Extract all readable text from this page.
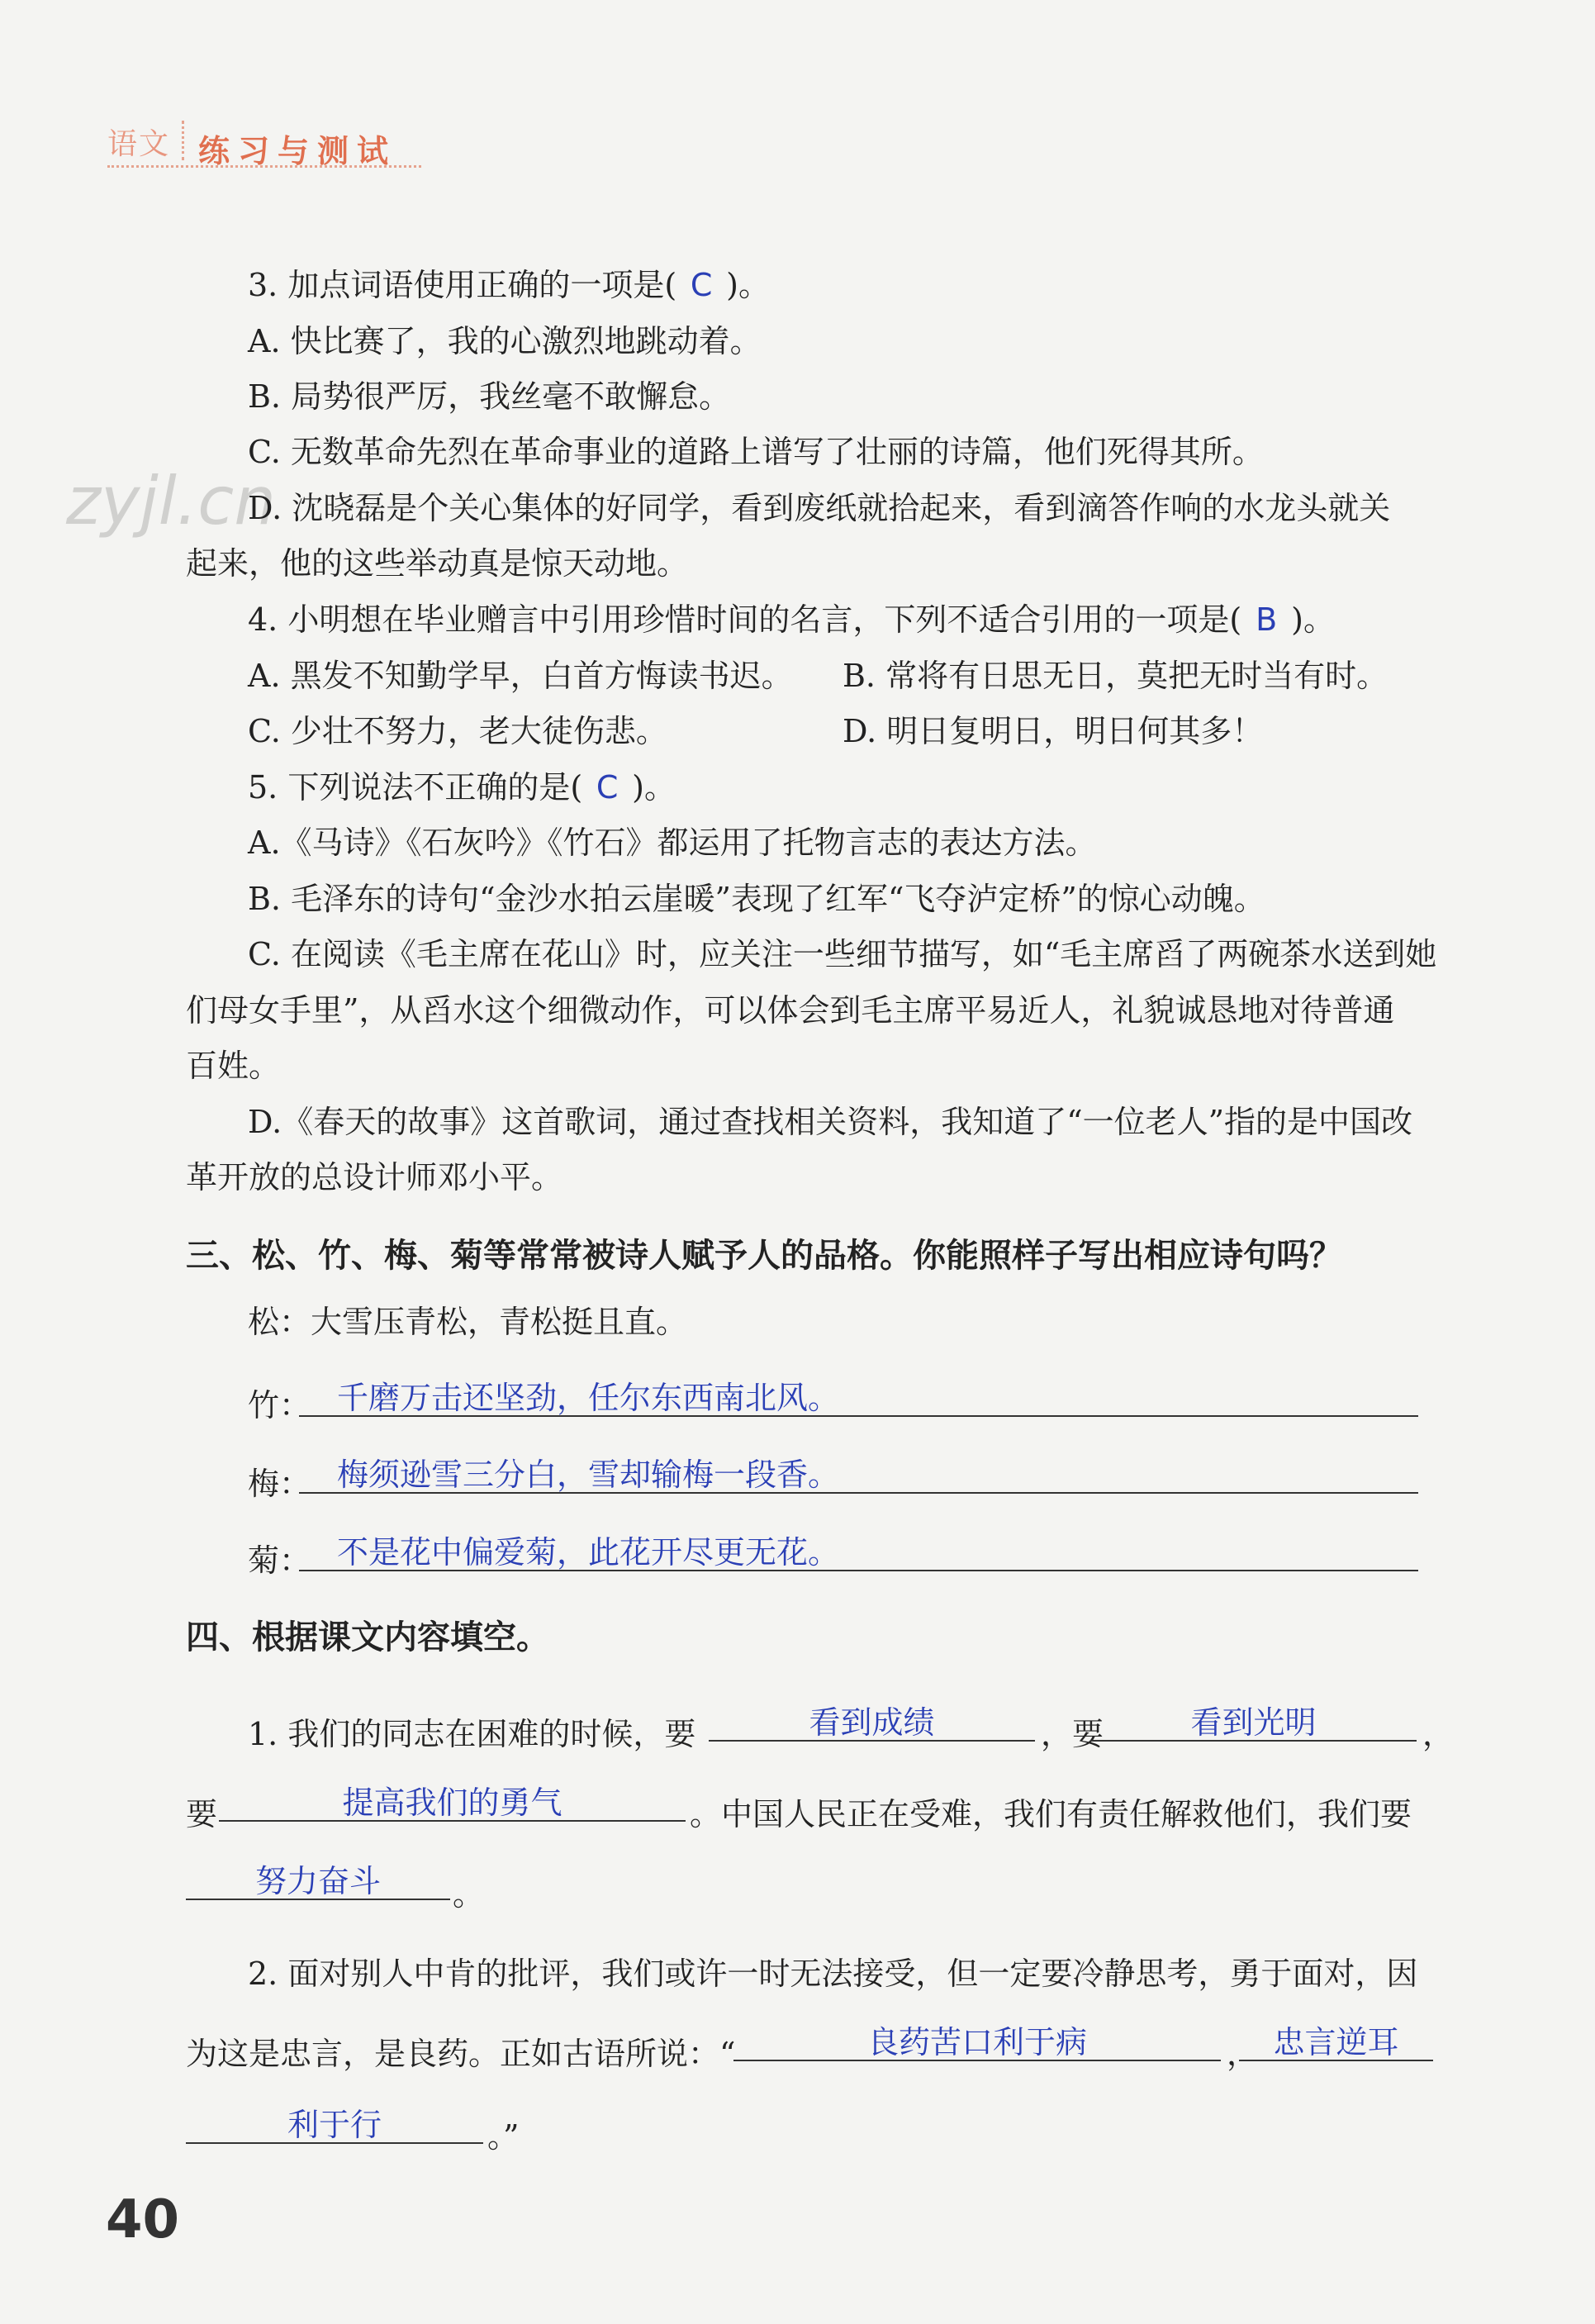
语文 练习与测试
zyjl.cn
3. 加点词语使用正确的一项是( C )。
A. 快比赛了，我的心激烈地跳动着。
B. 局势很严厉，我丝毫不敢懈怠。
C. 无数革命先烈在革命事业的道路上谱写了壮丽的诗篇，他们死得其所。
D. 沈晓磊是个关心集体的好同学，看到废纸就拾起来，看到滴答作响的水龙头就关
起来，他的这些举动真是惊天动地。
4. 小明想在毕业赠言中引用珍惜时间的名言，下列不适合引用的一项是( B )。
A. 黑发不知勤学早，白首方悔读书迟。 B. 常将有日思无日，莫把无时当有时。
C. 少壮不努力，老大徒伤悲。	D. 明日复明日，明日何其多！
5. 下列说法不正确的是( C )。
A.《马诗》《石灰吟》《竹石》都运用了托物言志的表达方法。
B. 毛泽东的诗句“金沙水拍云崖暖”表现了红军“飞夺泸定桥”的惊心动魄。
C. 在阅读《毛主席在花山》时，应关注一些细节描写，如“毛主席舀了两碗茶水送到她
们母女手里”，从舀水这个细微动作，可以体会到毛主席平易近人，礼貌诚恳地对待普通
百姓。
D.《春天的故事》这首歌词，通过查找相关资料，我知道了“一位老人”指的是中国改
革开放的总设计师邓小平。
三、松、竹、梅、菊等常常被诗人赋予人的品格。你能照样子写出相应诗句吗？
松：大雪压青松，青松挺且直。
竹： 千磨万击还坚劲，任尔东西南北风。
梅： 梅须逊雪三分白，雪却输梅一段香。
菊： 不是花中偏爱菊，此花开尽更无花。
四、根据课文内容填空。
1. 我们的同志在困难的时候，要	看到成绩	，要	看到光明	，
要	提高我们的勇气	。中国人民正在受难，我们有责任解救他们，我们要
努力奋斗	。
2. 面对别人中肯的批评，我们或许一时无法接受，但一定要冷静思考，勇于面对，因
为这是忠言，是良药。正如古语所说：“	良药苦口利于病	， 忠言逆耳
利于行	。”
40
